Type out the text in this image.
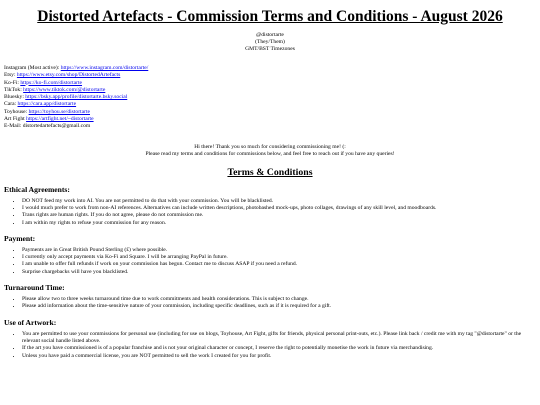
Distorted Artefacts - Commission Terms and Conditions - August 2026
@distortarte
(They/Them)
GMT/BST Timezones
Instagram (Most active): https://www.instagram.com/distortarte/
Etsy: https://www.etsy.com/shop/DistortedArtefacts
Ko-Fi: https://ko-fi.com/distortarte
TikTok: https://www.tiktok.com/@distortarte
Bluesky: https://bsky.app/profile/distortarte.bsky.social
Cara: https://cara.app/distortarte
Toyhouse: https://toyhou.se/distortarte
Art Fight https://artfight.net/~distortarte
E-Mail: distortedartefacts@gmail.com
Hi there! Thank you so much for considering commissioning me! (:
Please read my terms and conditions for commissions below, and feel free to reach out if you have any queries!
Terms & Conditions
Ethical Agreements:
• DO NOT feed my work into AI. You are not permitted to do that with your commission. You will be blacklisted.
• I would much prefer to work from non-AI references. Alternatives can include written descriptions, photobashed mock-ups, photo collages, drawings of any skill level, and moodboards.
• Trans rights are human rights. If you do not agree, please do not commission me.
• I am within my rights to refuse your commission for any reason.
Payment:
• Payments are in Great British Pound Sterling (£) where possible.
• I currently only accept payments via Ko-Fi and Square. I will be arranging PayPal in future.
• I am unable to offer full refunds if work on your commission has begun. Contact me to discuss ASAP if you need a refund.
• Surprise chargebacks will have you blacklisted.
Turnaround Time:
• Please allow two to three weeks turnaround time due to work commitments and health considerations. This is subject to change.
• Please add information about the time-sensitive nature of your commission, including specific deadlines, such as if it is required for a gift.
Use of Artwork:
• You are permitted to use your commissions for personal use (including for use on blogs, Toyhouse, Art Fight, gifts for friends, physical personal print-outs, etc.). Please link back / credit me with my tag "@distortarte" or the relevant social handle listed above.
• If the art you have commissioned is of a popular franchise and is not your original character or concept, I reserve the right to potentially monetise the work in future via merchandising.
• Unless you have paid a commercial license, you are NOT permitted to sell the work I created for you for profit.
